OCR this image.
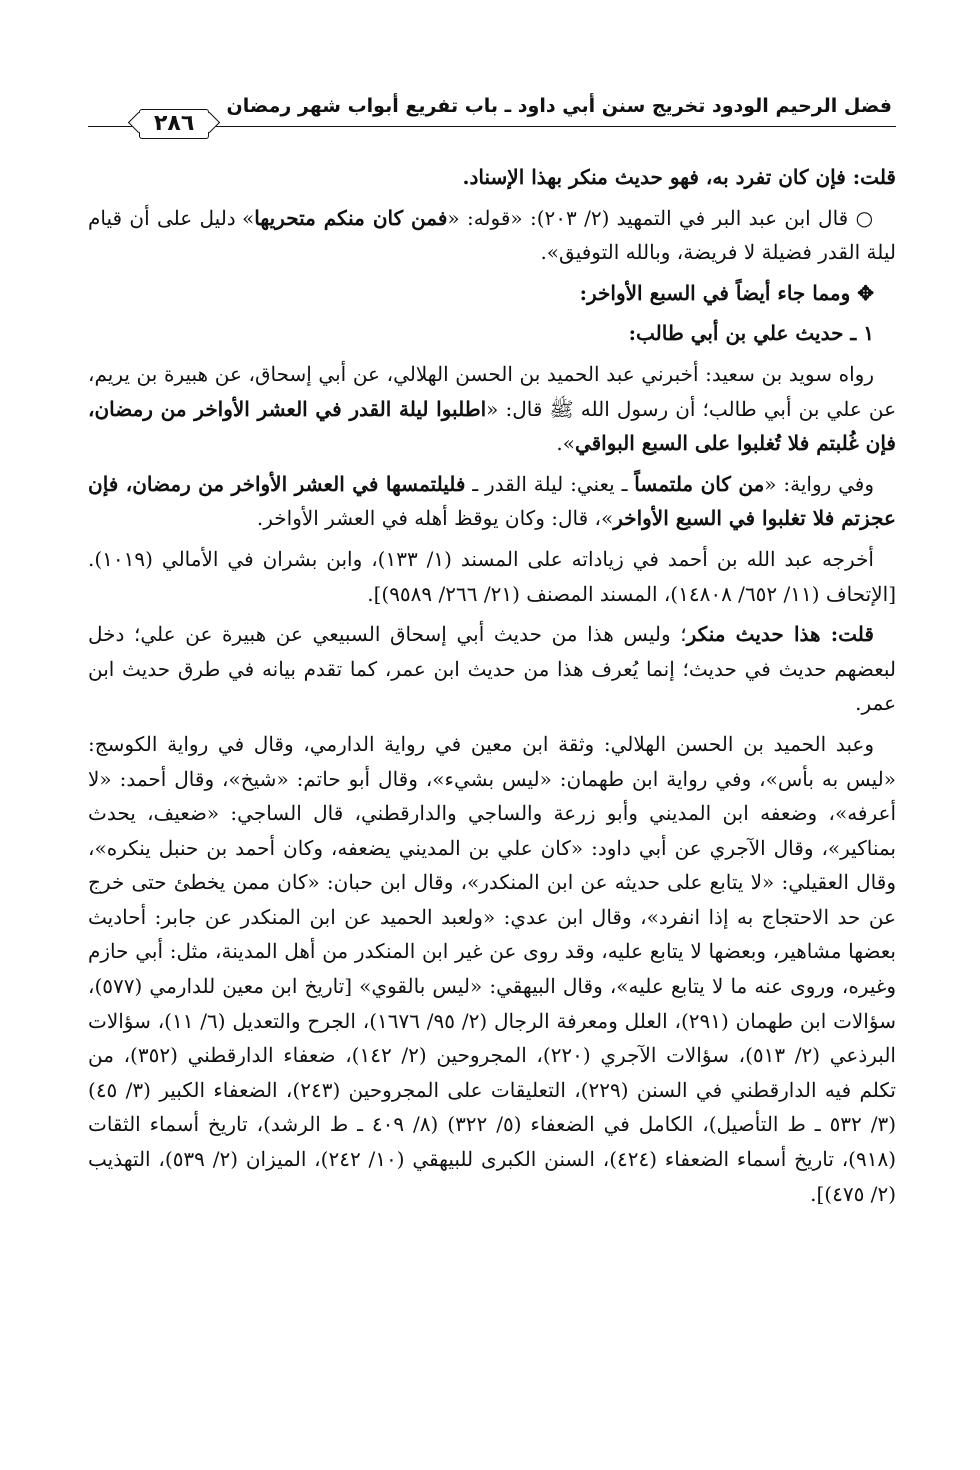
فضل الرحيم الودود تخريج سنن أبي داود ـ باب تفريع أبواب شهر رمضان

قلت: فإن كان تفرد به، فهو حديث منكر بهذا الإسناد.

○ قال ابن عبد البر في التمهيد (٢/ ٢٠٣): «قوله: «فمن كان منكم متحريها» دليل على أن قيام ليلة القدر فضيلة لا فريضة، وبالله التوفيق».

✥ ومما جاء أيضاً في السبع الأواخر:

١ ـ حديث علي بن أبي طالب:

رواه سويد بن سعيد: أخبرني عبد الحميد بن الحسن الهلالي، عن أبي إسحاق، عن هبيرة بن يريم، عن علي بن أبي طالب؛ أن رسول الله ﷺ قال: «اطلبوا ليلة القدر في العشر الأواخر من رمضان، فإن غُلبتم فلا تُغلبوا على السبع البواقي».

وفي رواية: «من كان ملتمساً ـ يعني: ليلة القدر ـ فليلتمسها في العشر الأواخر من رمضان، فإن عجزتم فلا تغلبوا في السبع الأواخر»، قال: وكان يوقظ أهله في العشر الأواخر.

أخرجه عبد الله بن أحمد في زياداته على المسند (١/ ١٣٣)، وابن بشران في الأمالي (١٠١٩). [الإتحاف (١١/ ٦٥٢/ ١٤٨٠٨)، المسند المصنف (٢١/ ٢٦٦/ ٩٥٨٩)].

قلت: هذا حديث منكر؛ وليس هذا من حديث أبي إسحاق السبيعي عن هبيرة عن علي؛ دخل لبعضهم حديث في حديث؛ إنما يُعرف هذا من حديث ابن عمر، كما تقدم بيانه في طرق حديث ابن عمر.

وعبد الحميد بن الحسن الهلالي: وثقة ابن معين في رواية الدارمي، وقال في رواية الكوسج: «ليس به بأس»، وفي رواية ابن طهمان: «ليس بشيء»، وقال أبو حاتم: «شيخ»، وقال أحمد: «لا أعرفه»، وضعفه ابن المديني وأبو زرعة والساجي والدارقطني، قال الساجي: «ضعيف، يحدث بمناكير»، وقال الآجري عن أبي داود: «كان علي بن المديني يضعفه، وكان أحمد بن حنبل ينكره»، وقال العقيلي: «لا يتابع على حديثه عن ابن المنكدر»، وقال ابن حبان: «كان ممن يخطئ حتى خرج عن حد الاحتجاج به إذا انفرد»، وقال ابن عدي: «ولعبد الحميد عن ابن المنكدر عن جابر: أحاديث بعضها مشاهير، وبعضها لا يتابع عليه، وقد روى عن غير ابن المنكدر من أهل المدينة، مثل: أبي حازم وغيره، وروى عنه ما لا يتابع عليه»، وقال البيهقي: «ليس بالقوي» [تاريخ ابن معين للدارمي (٥٧٧)، سؤالات ابن طهمان (٢٩١)، العلل ومعرفة الرجال (٢/ ٩٥/ ١٦٧٦)، الجرح والتعديل (٦/ ١١)، سؤالات البرذعي (٢/ ٥١٣)، سؤالات الآجري (٢٢٠)، المجروحين (٢/ ١٤٢)، ضعفاء الدارقطني (٣٥٢)، من تكلم فيه الدارقطني في السنن (٢٢٩)، التعليقات على المجروحين (٢٤٣)، الضعفاء الكبير (٣/ ٤٥) (٣/ ٥٣٢ ـ ط التأصيل)، الكامل في الضعفاء (٥/ ٣٢٢) (٨/ ٤٠٩ ـ ط الرشد)، تاريخ أسماء الثقات (٩١٨)، تاريخ أسماء الضعفاء (٤٢٤)، السنن الكبرى للبيهقي (١٠/ ٢٤٢)، الميزان (٢/ ٥٣٩)، التهذيب (٢/ ٤٧٥)].

٢٨٦
